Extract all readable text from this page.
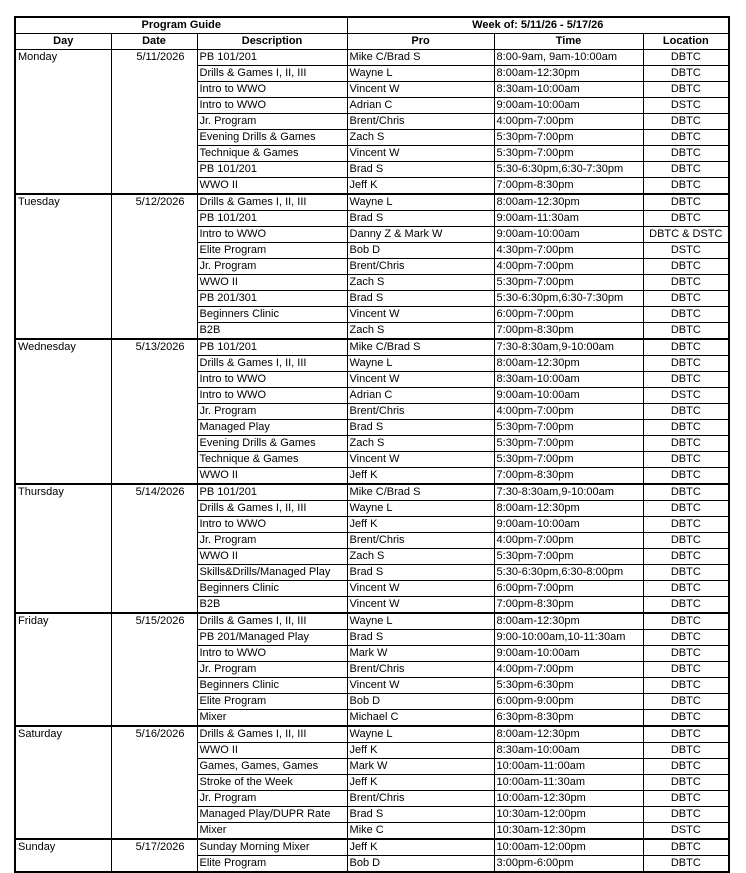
Program Guide			Week of: 5/11/26 - 5/17/26		
Day	Date	Description	Pro	Time	Location
Monday	5/11/2026	PB 101/201	Mike C/Brad S	8:00-9am, 9am-10:00am	DBTC
		Drills & Games I, II, III	Wayne L	8:00am-12:30pm	DBTC
		Intro to WWO	Vincent W	8:30am-10:00am	DBTC
		Intro to WWO	Adrian C	9:00am-10:00am	DSTC
		Jr. Program	Brent/Chris	4:00pm-7:00pm	DBTC
		Evening Drills & Games	Zach S	5:30pm-7:00pm	DBTC
		Technique & Games	Vincent W	5:30pm-7:00pm	DBTC
		PB 101/201	Brad S	5:30-6:30pm,6:30-7:30pm	DBTC
		WWO II	Jeff K	7:00pm-8:30pm	DBTC
Tuesday	5/12/2026	Drills & Games I, II, III	Wayne L	8:00am-12:30pm	DBTC
		PB 101/201	Brad S	9:00am-11:30am	DBTC
		Intro to WWO	Danny Z & Mark W	9:00am-10:00am	DBTC & DSTC
		Elite Program	Bob D	4:30pm-7:00pm	DSTC
		Jr. Program	Brent/Chris	4:00pm-7:00pm	DBTC
		WWO II	Zach S	5:30pm-7:00pm	DBTC
		PB 201/301	Brad S	5:30-6:30pm,6:30-7:30pm	DBTC
		Beginners Clinic	Vincent W	6:00pm-7:00pm	DBTC
		B2B	Zach S	7:00pm-8:30pm	DBTC
Wednesday	5/13/2026	PB 101/201	Mike C/Brad S	7:30-8:30am,9-10:00am	DBTC
		Drills & Games I, II, III	Wayne L	8:00am-12:30pm	DBTC
		Intro to WWO	Vincent W	8:30am-10:00am	DBTC
		Intro to WWO	Adrian C	9:00am-10:00am	DSTC
		Jr. Program	Brent/Chris	4:00pm-7:00pm	DBTC
		Managed Play	Brad S	5:30pm-7:00pm	DBTC
		Evening Drills & Games	Zach S	5:30pm-7:00pm	DBTC
		Technique & Games	Vincent W	5:30pm-7:00pm	DBTC
		WWO II	Jeff K	7:00pm-8:30pm	DBTC
Thursday	5/14/2026	PB 101/201	Mike C/Brad S	7:30-8:30am,9-10:00am	DBTC
		Drills & Games I, II, III	Wayne L	8:00am-12:30pm	DBTC
		Intro to WWO	Jeff K	9:00am-10:00am	DBTC
		Jr. Program	Brent/Chris	4:00pm-7:00pm	DBTC
		WWO II	Zach S	5:30pm-7:00pm	DBTC
		Skills&Drills/Managed Play	Brad S	5:30-6:30pm,6:30-8:00pm	DBTC
		Beginners Clinic	Vincent W	6:00pm-7:00pm	DBTC
		B2B	Vincent W	7:00pm-8:30pm	DBTC
Friday	5/15/2026	Drills & Games I, II, III	Wayne L	8:00am-12:30pm	DBTC
		PB 201/Managed Play	Brad S	9:00-10:00am,10-11:30am	DBTC
		Intro to WWO	Mark W	9:00am-10:00am	DBTC
		Jr. Program	Brent/Chris	4:00pm-7:00pm	DBTC
		Beginners Clinic	Vincent W	5:30pm-6:30pm	DBTC
		Elite Program	Bob D	6:00pm-9:00pm	DBTC
		Mixer	Michael C	6:30pm-8:30pm	DBTC
Saturday	5/16/2026	Drills & Games I, II, III	Wayne L	8:00am-12:30pm	DBTC
		WWO II	Jeff K	8:30am-10:00am	DBTC
		Games, Games, Games	Mark W	10:00am-11:00am	DBTC
		Stroke of the Week	Jeff K	10:00am-11:30am	DBTC
		Jr. Program	Brent/Chris	10:00am-12:30pm	DBTC
		Managed Play/DUPR Rate	Brad S	10:30am-12:00pm	DBTC
		Mixer	Mike C	10:30am-12:30pm	DSTC
Sunday	5/17/2026	Sunday Morning Mixer	Jeff K	10:00am-12:00pm	DBTC
		Elite Program	Bob D	3:00pm-6:00pm	DBTC
